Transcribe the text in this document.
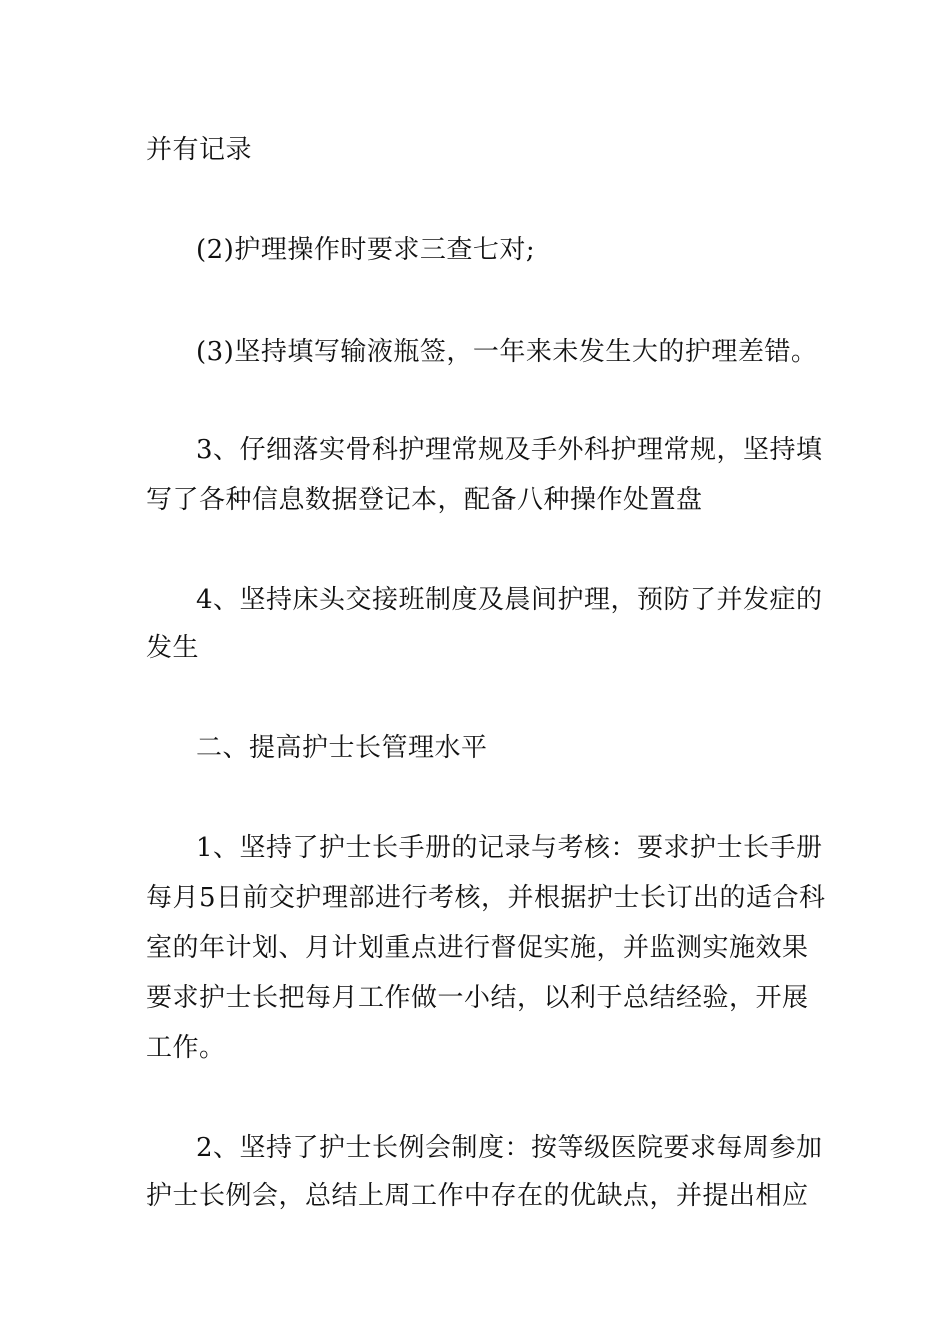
并有记录
(2)护理操作时要求三查七对;
(3)坚持填写输液瓶签，一年来未发生大的护理差错。
3、仔细落实骨科护理常规及手外科护理常规，坚持填
写了各种信息数据登记本，配备八种操作处置盘
4、坚持床头交接班制度及晨间护理，预防了并发症的
发生
二、提高护士长管理水平
1、坚持了护士长手册的记录与考核：要求护士长手册
每月5日前交护理部进行考核，并根据护士长订出的适合科
室的年计划、月计划重点进行督促实施，并监测实施效果
要求护士长把每月工作做一小结，以利于总结经验，开展
工作。
2、坚持了护士长例会制度：按等级医院要求每周参加
护士长例会，总结上周工作中存在的优缺点，并提出相应
